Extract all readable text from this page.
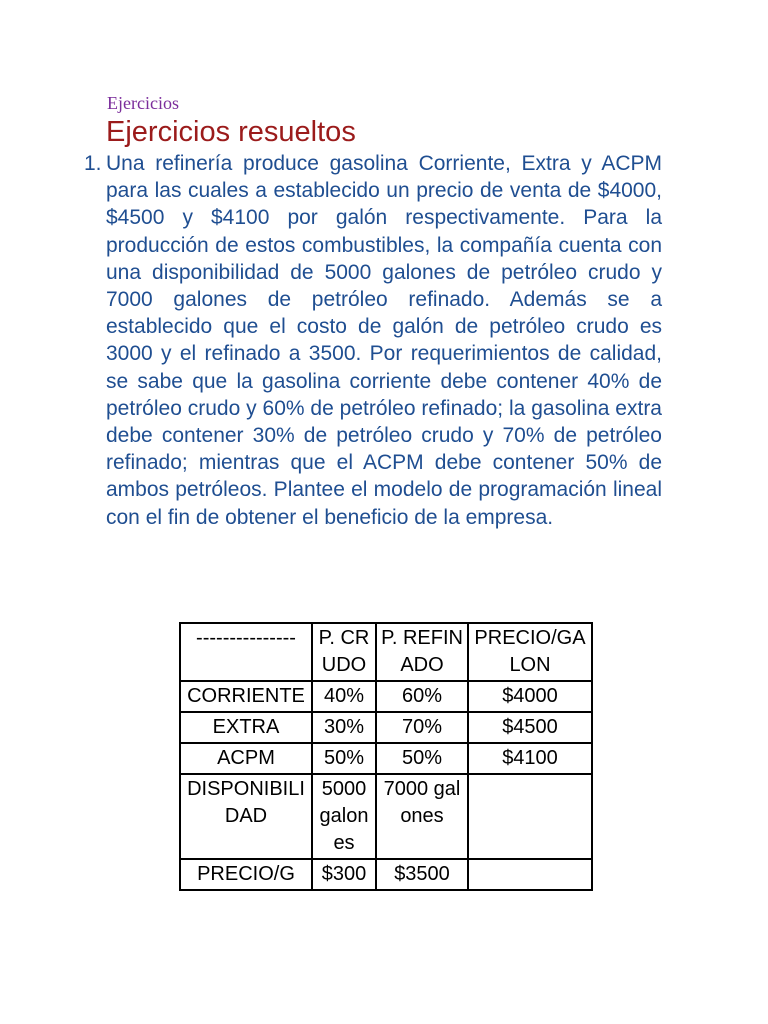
Ejercicios
Ejercicios resueltos
1. Una refinería produce gasolina Corriente, Extra y ACPM para las cuales a establecido un precio de venta de $4000, $4500 y $4100 por galón respectivamente. Para la producción de estos combustibles, la compañía cuenta con una disponibilidad de 5000 galones de petróleo crudo y 7000 galones de petróleo refinado. Además se a establecido que el costo de galón de petróleo crudo es 3000 y el refinado a 3500. Por requerimientos de calidad, se sabe que la gasolina corriente debe contener 40% de petróleo crudo y 60% de petróleo refinado; la gasolina extra debe contener 30% de petróleo crudo y 70% de petróleo refinado; mientras que el ACPM debe contener 50% de ambos petróleos. Plantee el modelo de programación lineal con el fin de obtener el beneficio de la empresa.

---------------	P. CRUDO	P. REFINADO	PRECIO/GALON
CORRIENTE	40%	60%	$4000
EXTRA	30%	70%	$4500
ACPM	50%	50%	$4100
DISPONIBILIDAD	5000 galones	7000 galones	
PRECIO/G	$300	$3500	
